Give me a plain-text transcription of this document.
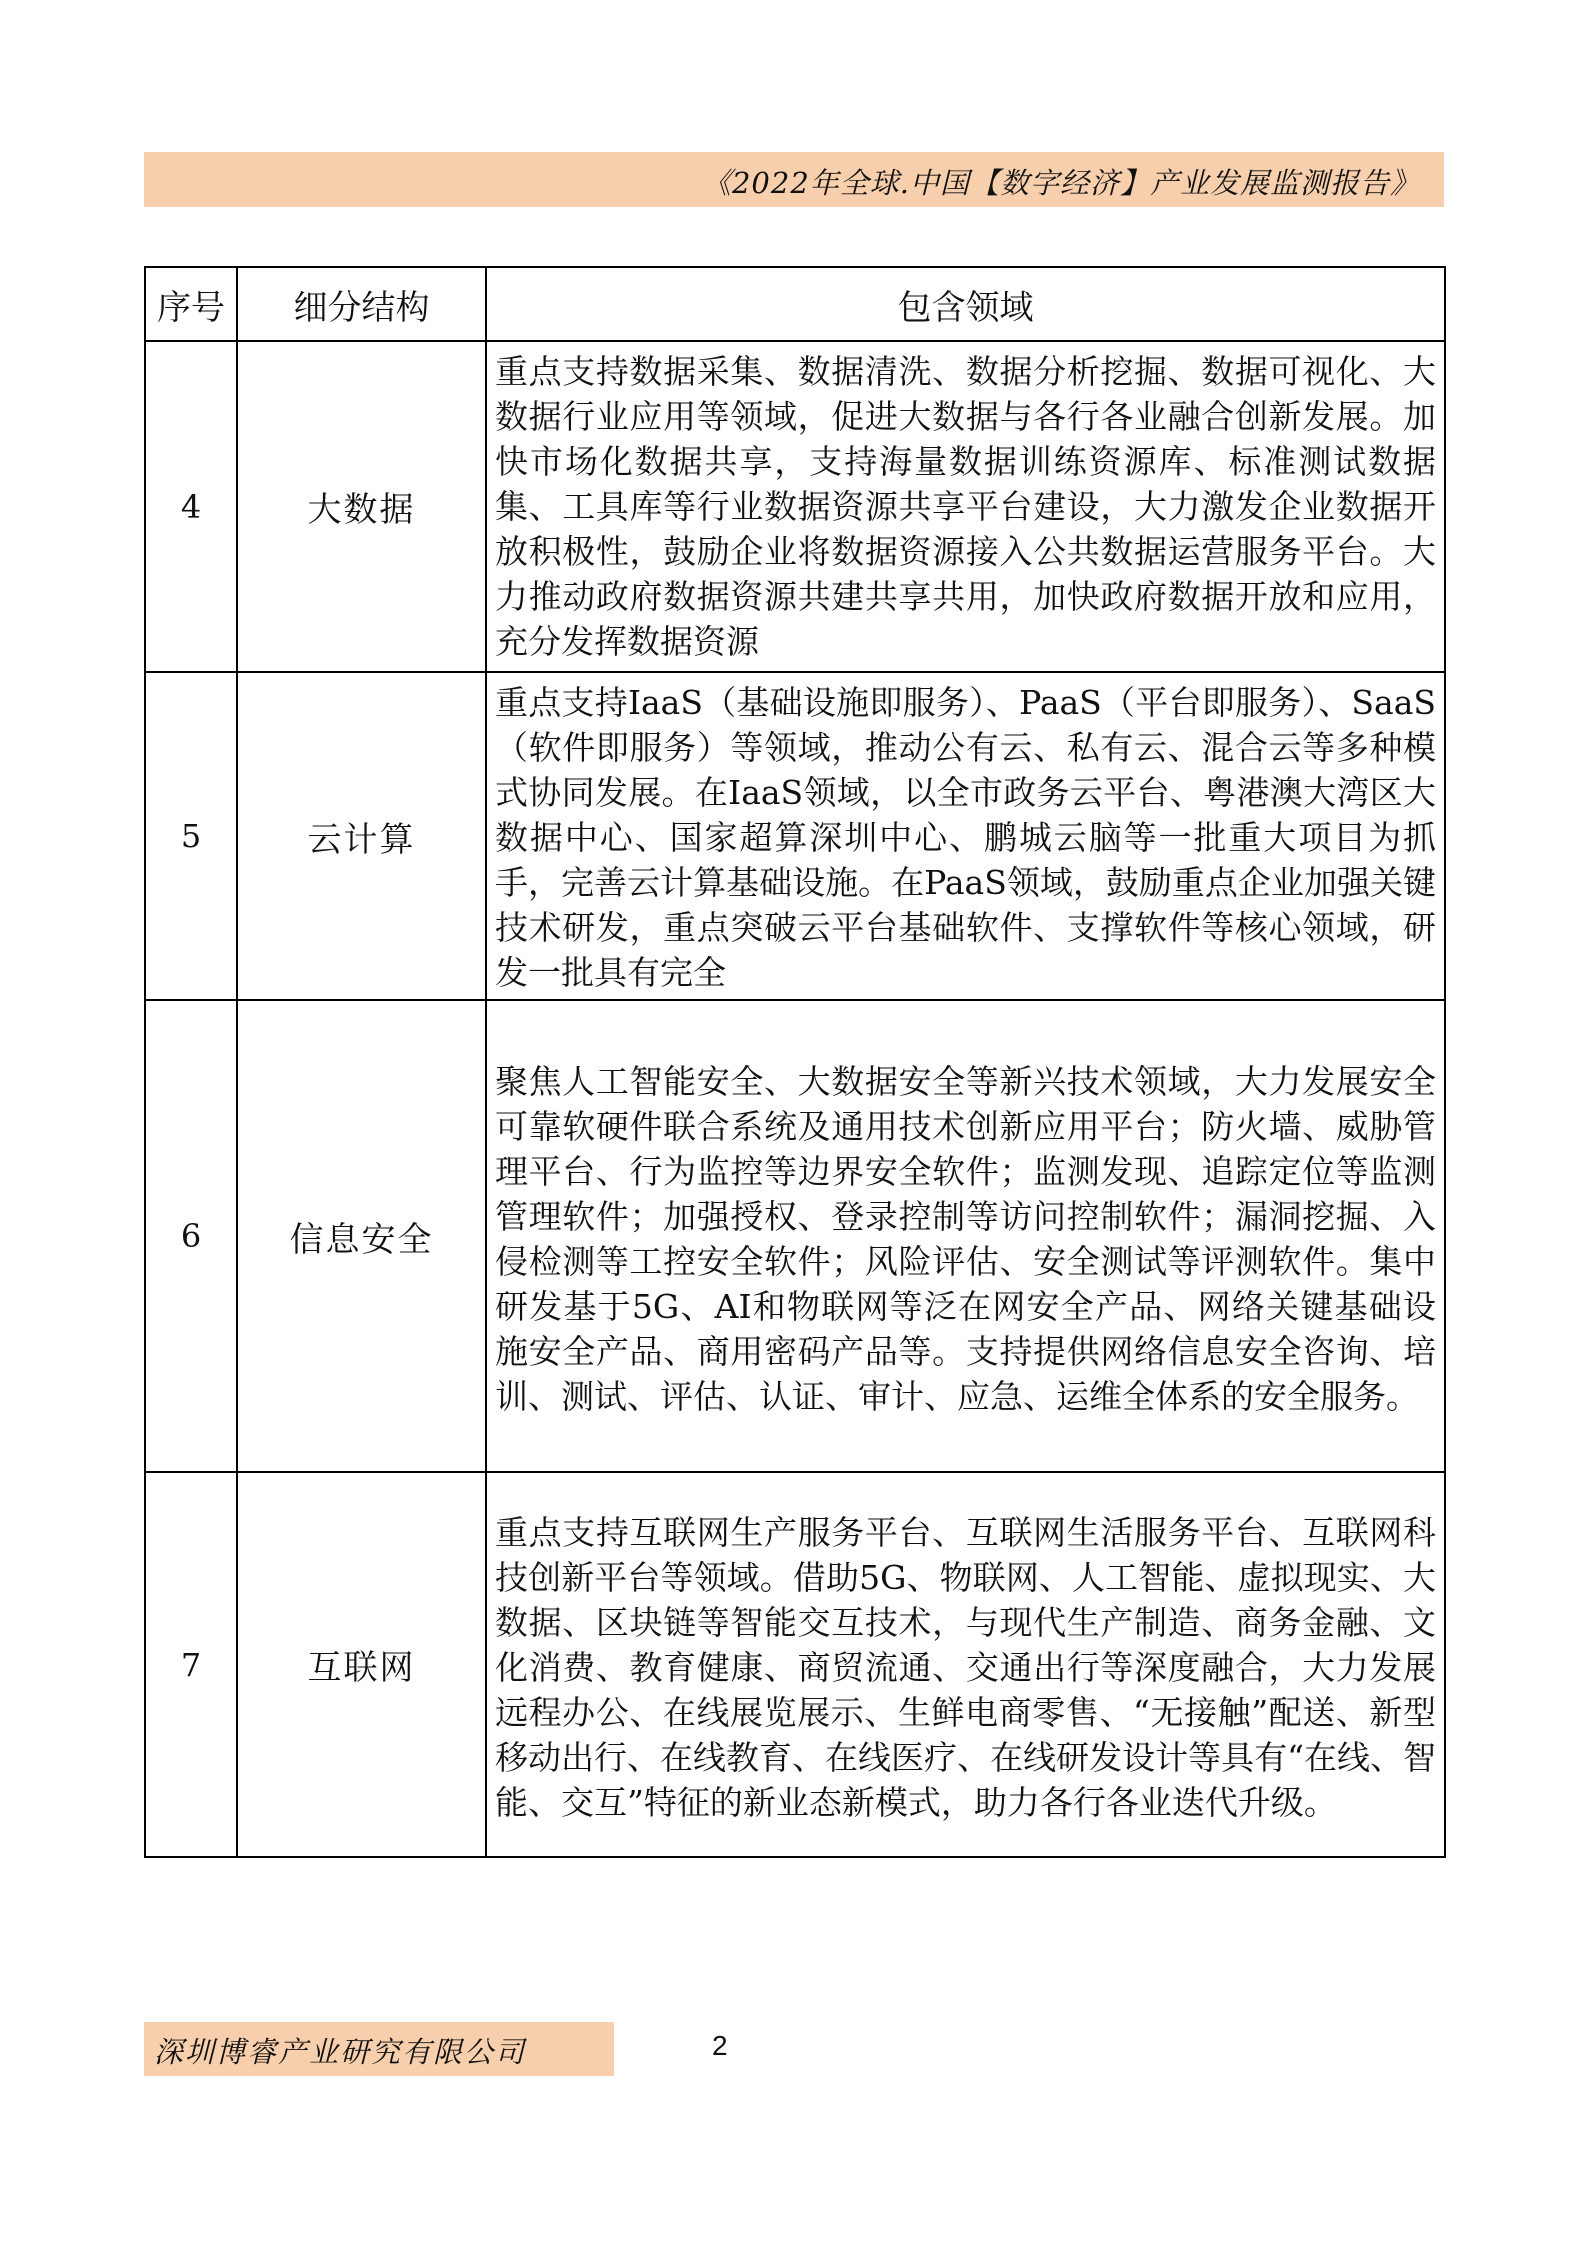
《2022年全球.中国【数字经济】产业发展监测报告》
序号	细分结构	包含领域
4	大数据	重点支持数据采集、数据清洗、数据分析挖掘、数据可视化、大数据行业应用等领域，促进大数据与各行各业融合创新发展。加快市场化数据共享，支持海量数据训练资源库、标准测试数据集、工具库等行业数据资源共享平台建设，大力激发企业数据开放积极性，鼓励企业将数据资源接入公共数据运营服务平台。大力推动政府数据资源共建共享共用，加快政府数据开放和应用，充分发挥数据资源

5	云计算	重点支持IaaS（基础设施即服务）、PaaS（平台即服务）、SaaS（软件即服务）等领域，推动公有云、私有云、混合云等多种模式协同发展。在IaaS领域，以全市政务云平台、粤港澳大湾区大数据中心、国家超算深圳中心、鹏城云脑等一批重大项目为抓手，完善云计算基础设施。在PaaS领域，鼓励重点企业加强关键技术研发，重点突破云平台基础软件、支撑软件等核心领域，研发一批具有完全

6	信息安全	聚焦人工智能安全、大数据安全等新兴技术领域，大力发展安全可靠软硬件联合系统及通用技术创新应用平台；防火墙、威胁管理平台、行为监控等边界安全软件；监测发现、追踪定位等监测管理软件；加强授权、登录控制等访问控制软件；漏洞挖掘、入侵检测等工控安全软件；风险评估、安全测试等评测软件。集中研发基于5G、AI和物联网等泛在网安全产品、网络关键基础设施安全产品、商用密码产品等。支持提供网络信息安全咨询、培训、测试、评估、认证、审计、应急、运维全体系的安全服务。

7	互联网	重点支持互联网生产服务平台、互联网生活服务平台、互联网科技创新平台等领域。借助5G、物联网、人工智能、虚拟现实、大数据、区块链等智能交互技术，与现代生产制造、商务金融、文化消费、教育健康、商贸流通、交通出行等深度融合，大力发展远程办公、在线展览展示、生鲜电商零售、“无接触”配送、新型移动出行、在线教育、在线医疗、在线研发设计等具有“在线、智能、交互”特征的新业态新模式，助力各行各业迭代升级。
深圳博睿产业研究有限公司	2
